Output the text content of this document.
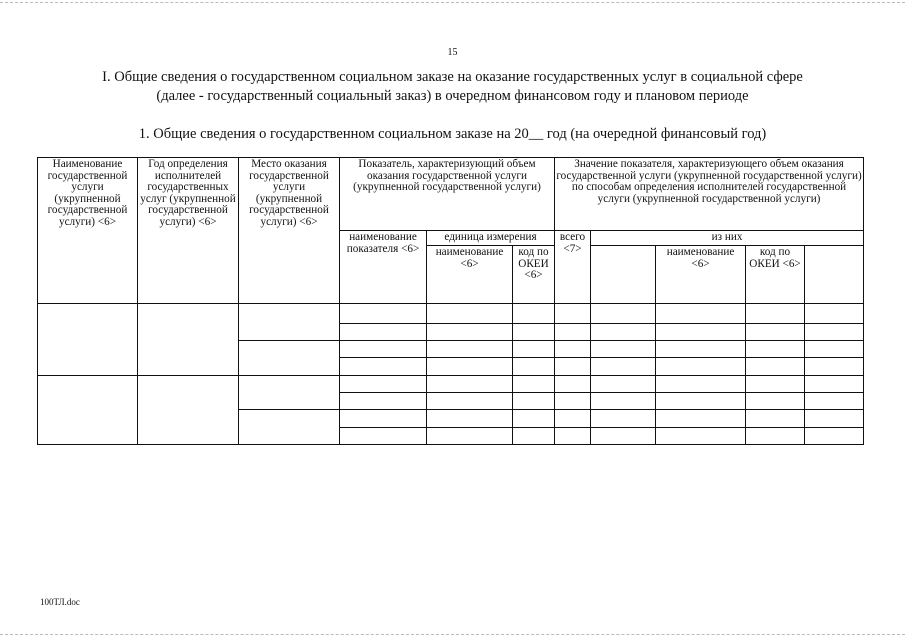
15
I. Общие сведения о государственном социальном заказе на оказание государственных услуг в социальной сфере
(далее - государственный социальный заказ) в очередном финансовом году и плановом периоде
1. Общие сведения о государственном социальном заказе на 20__ год (на очередной финансовый год)
Наименование государственной услуги (укрупненной государственной услуги) <6>	Год определения исполнителей государственных услуг (укрупненной государственной услуги) <6>	Место оказания государственной услуги (укрупненной государственной услуги) <6>	Показатель, характеризующий объем оказания государственной услуги (укрупненной государственной услуги)			Значение показателя, характеризующего объем оказания государственной услуги (укрупненной государственной услуги) по способам определения исполнителей государственной услуги (укрупненной государственной услуги)				
			наименование показателя <6>	единица измерения		всего <7>	из них			
				наименование <6>	код по ОКЕИ <6>			наименование <6>	код по ОКЕИ <6>	

100ТЛ.doc
